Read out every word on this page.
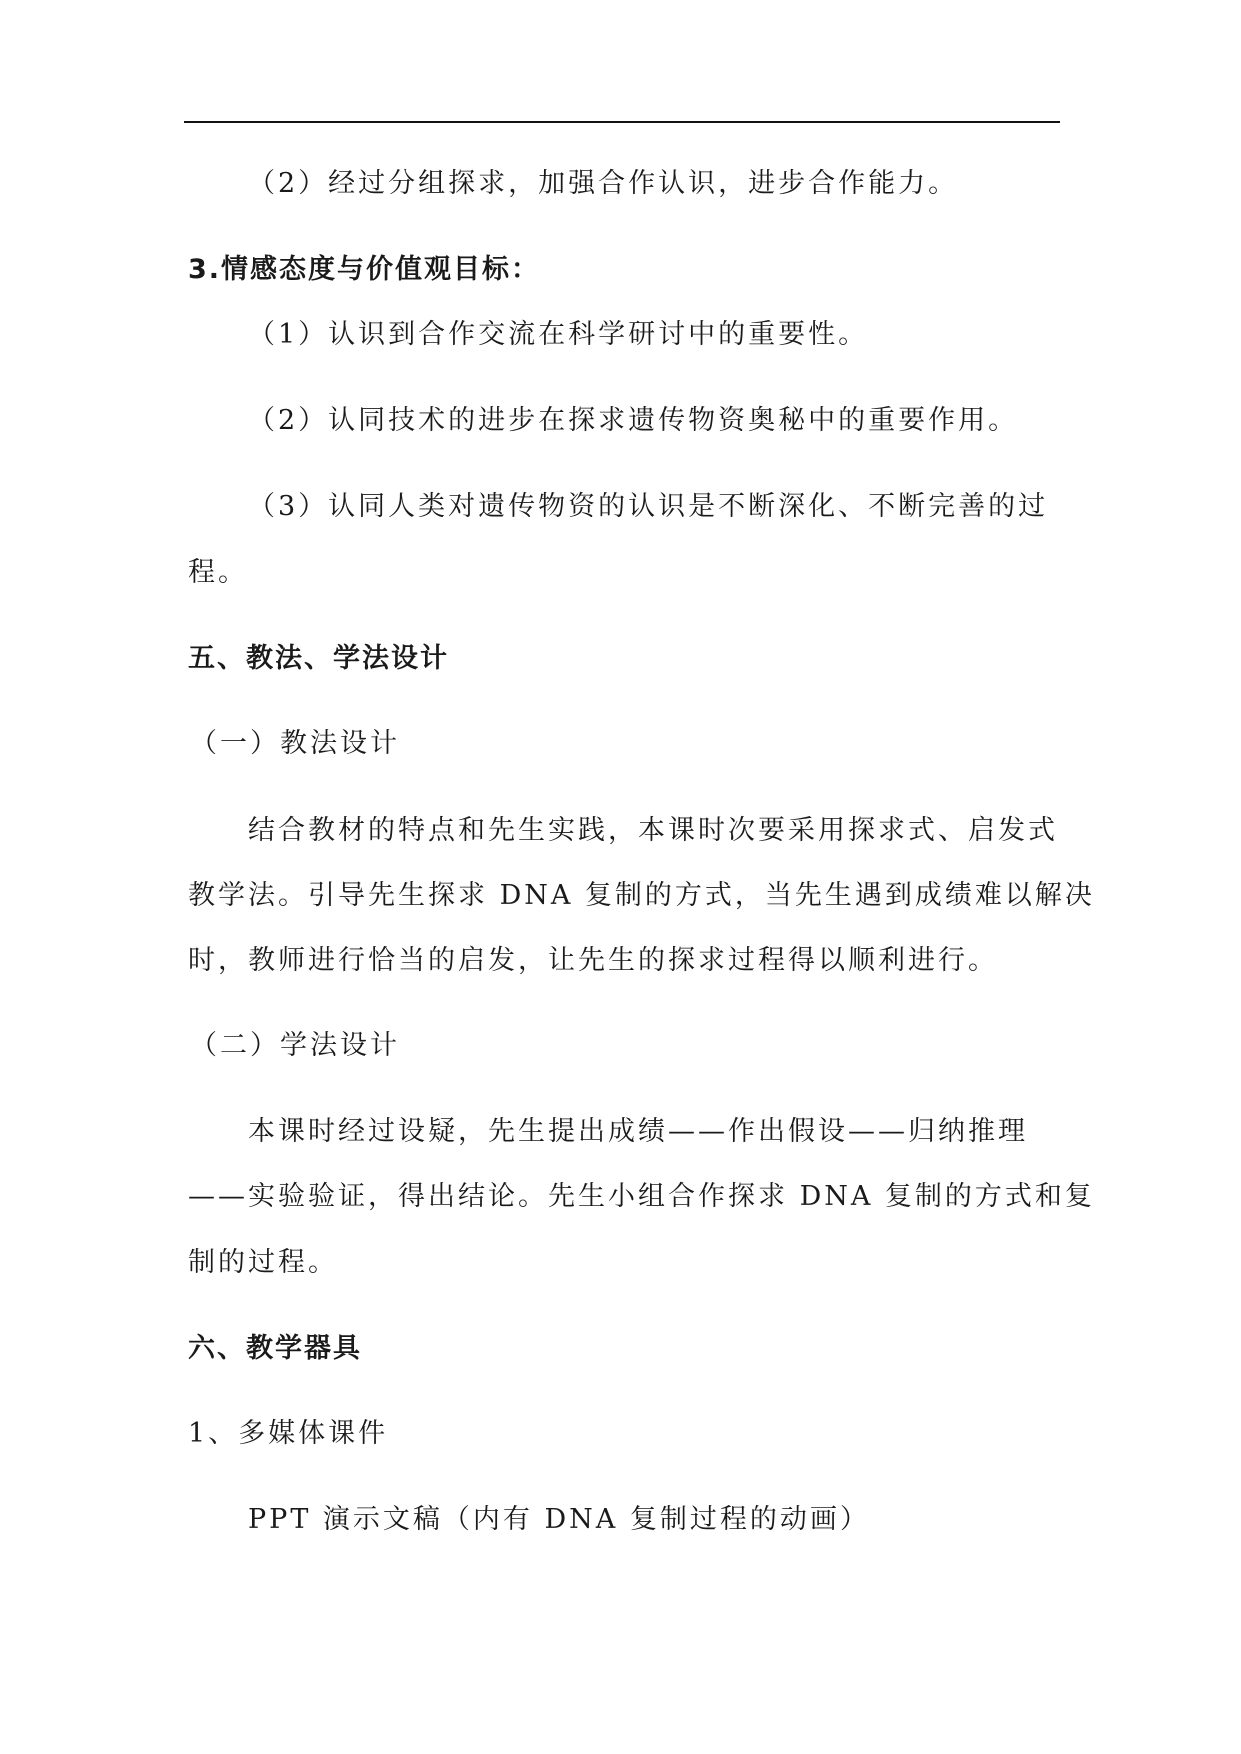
（2）经过分组探求，加强合作认识，进步合作能力。
3.情感态度与价值观目标：
（1）认识到合作交流在科学研讨中的重要性。
（2）认同技术的进步在探求遗传物资奥秘中的重要作用。
（3）认同人类对遗传物资的认识是不断深化、不断完善的过
程。
五、教法、学法设计
（一）教法设计
结合教材的特点和先生实践，本课时次要采用探求式、启发式
教学法。引导先生探求 DNA 复制的方式，当先生遇到成绩难以解决
时，教师进行恰当的启发，让先生的探求过程得以顺利进行。
（二）学法设计
本课时经过设疑，先生提出成绩——作出假设——归纳推理
——实验验证，得出结论。先生小组合作探求 DNA 复制的方式和复
制的过程。
六、教学器具
1、多媒体课件
PPT 演示文稿（内有 DNA 复制过程的动画）
